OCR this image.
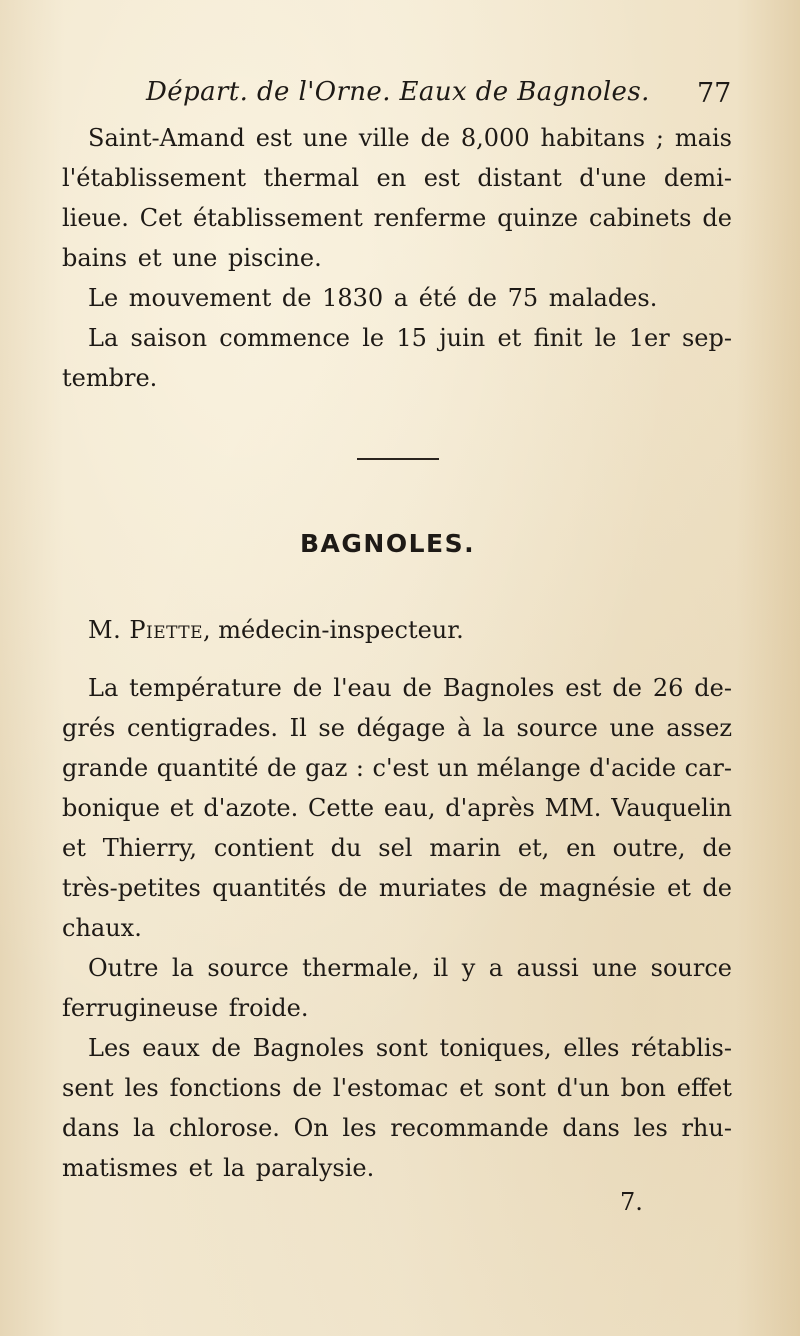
Départ. de l'Orne. Eaux de Bagnoles. 77
Saint-Amand est une ville de 8,000 habitans ; mais
l'établissement thermal en est distant d'une demi-
lieue. Cet établissement renferme quinze cabinets de
bains et une piscine.
Le mouvement de 1830 a été de 75 malades.
La saison commence le 15 juin et finit le 1er sep-
tembre.
BAGNOLES.
M. Piette, médecin-inspecteur.
La température de l'eau de Bagnoles est de 26 de-
grés centigrades. Il se dégage à la source une assez
grande quantité de gaz : c'est un mélange d'acide car-
bonique et d'azote. Cette eau, d'après MM. Vauquelin
et Thierry, contient du sel marin et, en outre, de
très-petites quantités de muriates de magnésie et de
chaux.
Outre la source thermale, il y a aussi une source
ferrugineuse froide.
Les eaux de Bagnoles sont toniques, elles rétablis-
sent les fonctions de l'estomac et sont d'un bon effet
dans la chlorose. On les recommande dans les rhu-
matismes et la paralysie.
7.
